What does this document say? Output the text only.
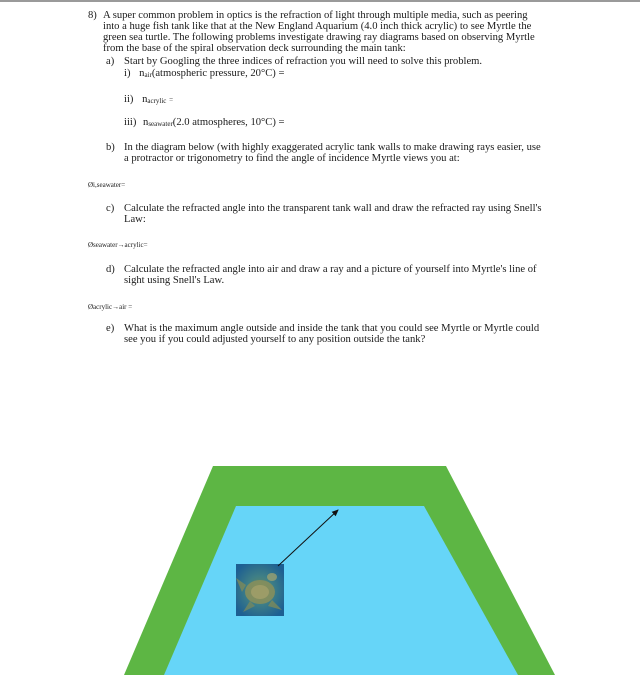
8) A super common problem in optics is the refraction of light through multiple media, such as peering
into a huge fish tank like that at the New England Aquarium (4.0 inch thick acrylic) to see Myrtle the
green sea turtle. The following problems investigate drawing ray diagrams based on observing Myrtle
from the base of the spiral observation deck surrounding the main tank:
a) Start by Googling the three indices of refraction you will need to solve this problem.
i) nair(atmospheric pressure, 20°C) =
ii) nacrylic =
iii) nseawater(2.0 atmospheres, 10°C) =
b) In the diagram below (with highly exaggerated acrylic tank walls to make drawing rays easier, use
a protractor or trigonometry to find the angle of incidence Myrtle views you at:
Øi,seawater=
c) Calculate the refracted angle into the transparent tank wall and draw the refracted ray using Snell's
Law:
Øseawater→acrylic=
d) Calculate the refracted angle into air and draw a ray and a picture of yourself into Myrtle's line of
sight using Snell's Law.
Øacrylic→air =
e) What is the maximum angle outside and inside the tank that you could see Myrtle or Myrtle could
see you if you could adjusted yourself to any position outside the tank?
